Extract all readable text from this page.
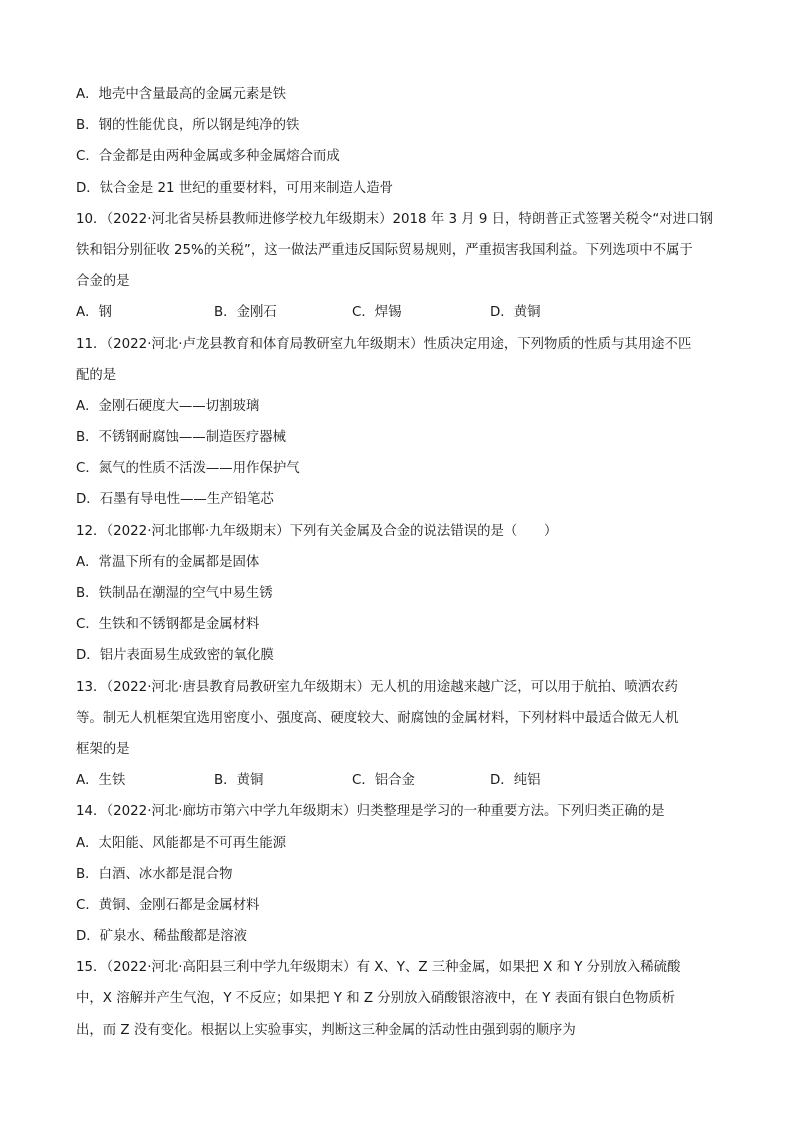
A．地壳中含量最高的金属元素是铁
B．钢的性能优良，所以钢是纯净的铁
C．合金都是由两种金属或多种金属熔合而成
D．钛合金是 21 世纪的重要材料，可用来制造人造骨
10．（2022·河北省吴桥县教师进修学校九年级期末）2018 年 3 月 9 日，特朗普正式签署关税令“对进口钢
铁和铝分别征收 25%的关税”，这一做法严重违反国际贸易规则，严重损害我国利益。下列选项中不属于
合金的是
A．钢	B．金刚石	C．焊锡	D．黄铜
11．（2022·河北·卢龙县教育和体育局教研室九年级期末）性质决定用途，下列物质的性质与其用途不匹
配的是
A．金刚石硬度大——切割玻璃
B．不锈钢耐腐蚀——制造医疗器械
C．氮气的性质不活泼——用作保护气
D．石墨有导电性——生产铅笔芯
12．（2022·河北邯郸·九年级期末）下列有关金属及合金的说法错误的是（　　）
A．常温下所有的金属都是固体
B．铁制品在潮湿的空气中易生锈
C．生铁和不锈钢都是金属材料
D．铝片表面易生成致密的氧化膜
13．（2022·河北·唐县教育局教研室九年级期末）无人机的用途越来越广泛，可以用于航拍、喷洒农药
等。制无人机框架宜选用密度小、强度高、硬度较大、耐腐蚀的金属材料，下列材料中最适合做无人机
框架的是
A．生铁	B．黄铜	C．铝合金	D．纯铝
14．（2022·河北·廊坊市第六中学九年级期末）归类整理是学习的一种重要方法。下列归类正确的是
A．太阳能、风能都是不可再生能源
B．白酒、冰水都是混合物
C．黄铜、金刚石都是金属材料
D．矿泉水、稀盐酸都是溶液
15．（2022·河北·高阳县三利中学九年级期末）有 X、Y、Z 三种金属，如果把 X 和 Y 分别放入稀硫酸
中，X 溶解并产生气泡，Y 不反应；如果把 Y 和 Z 分别放入硝酸银溶液中，在 Y 表面有银白色物质析
出，而 Z 没有变化。根据以上实验事实，判断这三种金属的活动性由强到弱的顺序为
